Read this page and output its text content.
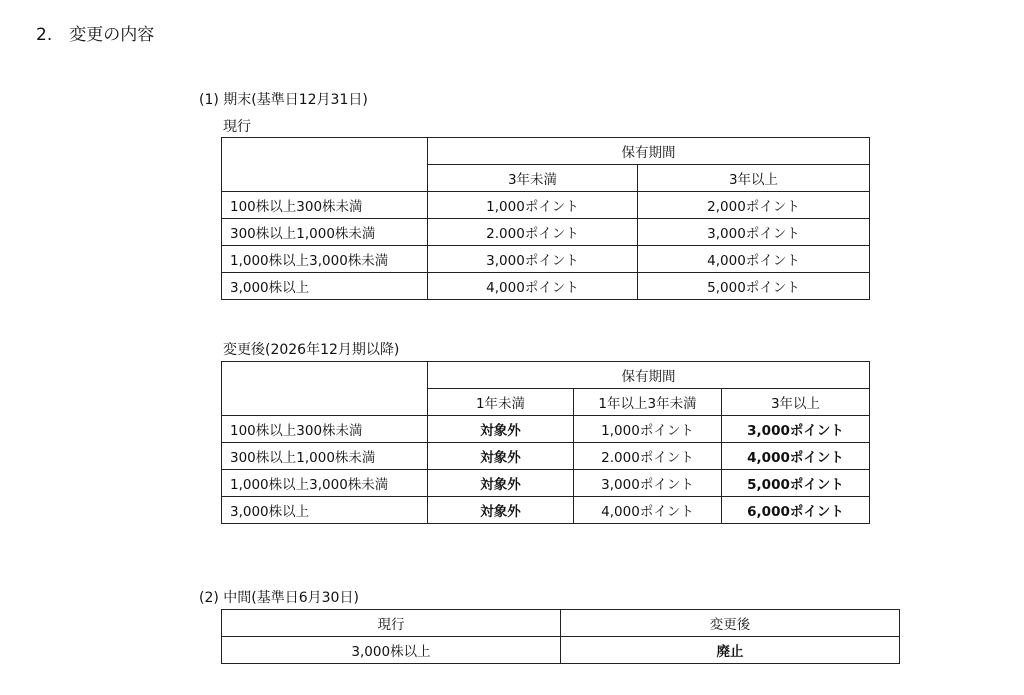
2.　変更の内容
(1) 期末(基準日12月31日)
現行
	保有期間	
	3年未満	3年以上
100株以上300株未満	1,000ポイント	2,000ポイント
300株以上1,000株未満	2.000ポイント	3,000ポイント
1,000株以上3,000株未満	3,000ポイント	4,000ポイント
3,000株以上	4,000ポイント	5,000ポイント
変更後(2026年12月期以降)
	保有期間		
	1年未満	1年以上3年未満	3年以上
100株以上300株未満	対象外	1,000ポイント	3,000ポイント
300株以上1,000株未満	対象外	2.000ポイント	4,000ポイント
1,000株以上3,000株未満	対象外	3,000ポイント	5,000ポイント
3,000株以上	対象外	4,000ポイント	6,000ポイント
(2) 中間(基準日6月30日)
現行	変更後
3,000株以上	廃止
